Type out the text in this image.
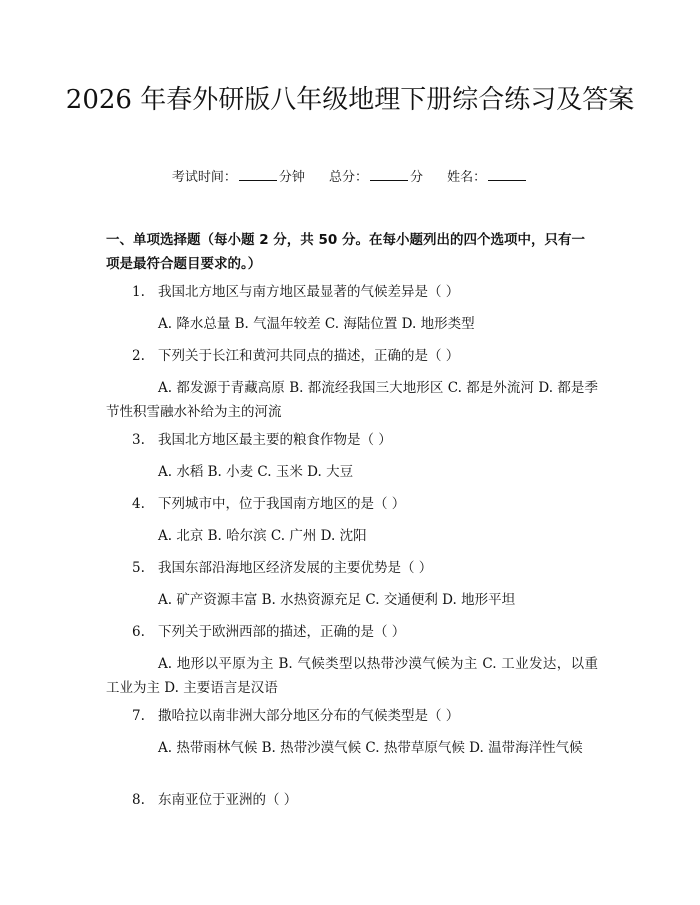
2026 年春外研版八年级地理下册综合练习及答案
考试时间：	分钟 总分：	分 姓名：
一、单项选择题（每小题 2 分，共 50 分。在每小题列出的四个选项中，只有一项是最符合题目要求的。）
1. 我国北方地区与南方地区最显著的气候差异是（ ）
A. 降水总量 B. 气温年较差 C. 海陆位置 D. 地形类型
2. 下列关于长江和黄河共同点的描述，正确的是（ ）
A. 都发源于青藏高原 B. 都流经我国三大地形区 C. 都是外流河 D. 都是季节性积雪融水补给为主的河流
3. 我国北方地区最主要的粮食作物是（ ）
A. 水稻 B. 小麦 C. 玉米 D. 大豆
4. 下列城市中，位于我国南方地区的是（ ）
A. 北京 B. 哈尔滨 C. 广州 D. 沈阳
5. 我国东部沿海地区经济发展的主要优势是（ ）
A. 矿产资源丰富 B. 水热资源充足 C. 交通便利 D. 地形平坦
6. 下列关于欧洲西部的描述，正确的是（ ）
A. 地形以平原为主 B. 气候类型以热带沙漠气候为主 C. 工业发达，以重工业为主 D. 主要语言是汉语
7. 撒哈拉以南非洲大部分地区分布的气候类型是（ ）
A. 热带雨林气候 B. 热带沙漠气候 C. 热带草原气候 D. 温带海洋性气候
8. 东南亚位于亚洲的（ ）
